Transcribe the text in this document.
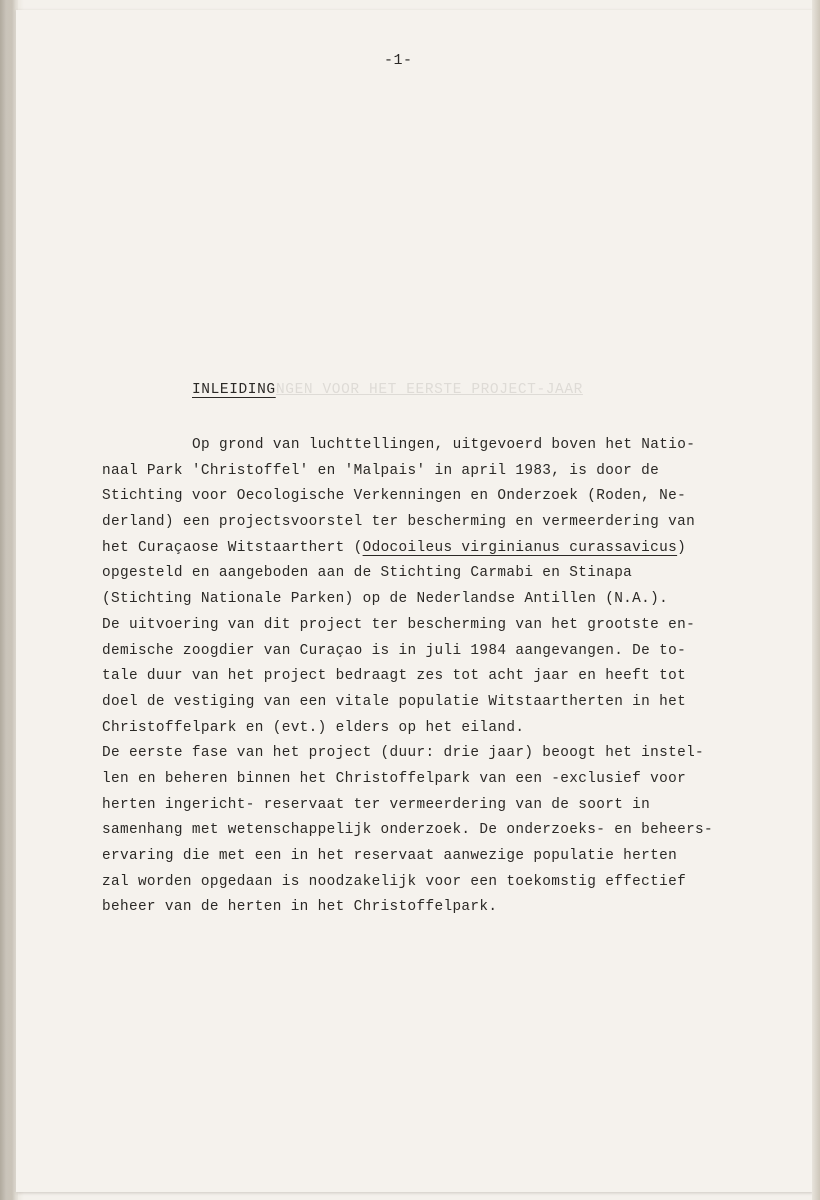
-1-
NGEN VOOR HET EERSTE PROJECT-JAAR
INLEIDING
Op grond van luchttellingen, uitgevoerd boven het Natio-
naal Park 'Christoffel' en 'Malpais' in april 1983, is door de
Stichting voor Oecologische Verkenningen en Onderzoek (Roden, Ne-
derland) een projectsvoorstel ter bescherming en vermeerdering van
het Curaçaose Witstaarthert (Odocoileus virginianus curassavicus)
opgesteld en aangeboden aan de Stichting Carmabi en Stinapa
(Stichting Nationale Parken) op de Nederlandse Antillen (N.A.).
De uitvoering van dit project ter bescherming van het grootste en-
demische zoogdier van Curaçao is in juli 1984 aangevangen. De to-
tale duur van het project bedraagt zes tot acht jaar en heeft tot
doel de vestiging van een vitale populatie Witstaartherten in het
Christoffelpark en (evt.) elders op het eiland.
De eerste fase van het project (duur: drie jaar) beoogt het instel-
len en beheren binnen het Christoffelpark van een -exclusief voor
herten ingericht- reservaat ter vermeerdering van de soort in
samenhang met wetenschappelijk onderzoek. De onderzoeks- en beheers-
ervaring die met een in het reservaat aanwezige populatie herten
zal worden opgedaan is noodzakelijk voor een toekomstig effectief
beheer van de herten in het Christoffelpark.
